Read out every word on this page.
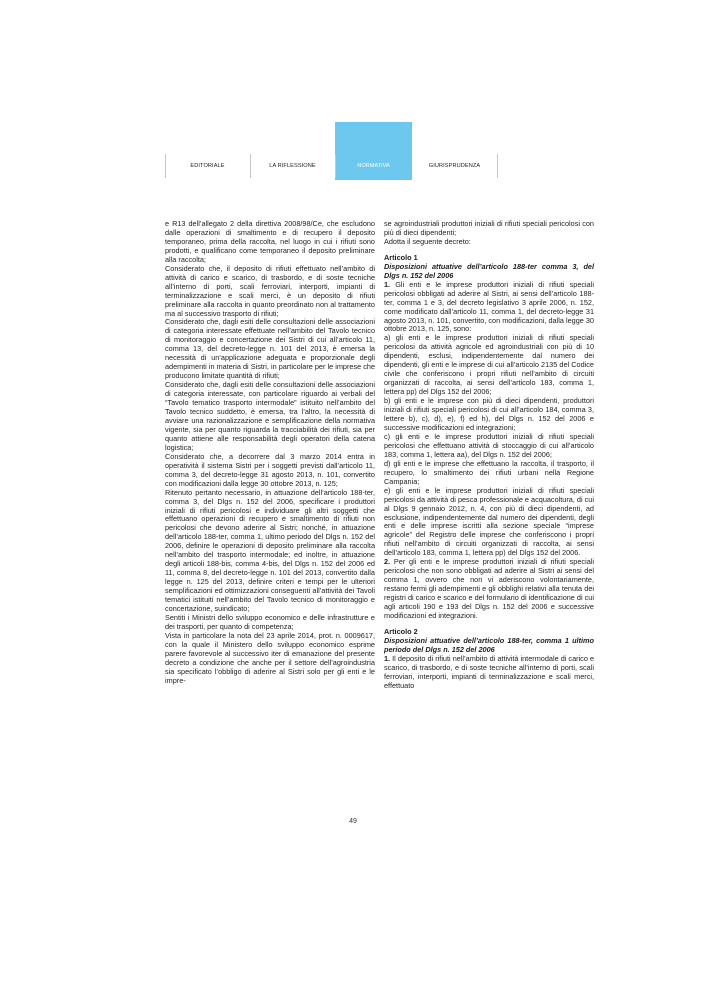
NORMATIVA
EDITORIALE	LA RIFLESSIONE	GIURISPRUDENZA

e R13 dell’allegato 2 della direttiva 2008/98/Ce, che escludono dalle operazioni di smaltimento e di recupero il deposito temporaneo, prima della raccolta, nel luogo in cui i rifiuti sono prodotti, e qualificano come temporaneo il deposito preliminare alla raccolta;

Considerato che, il deposito di rifiuti effettuato nell’ambito di attività di carico e scarico, di trasbordo, e di soste tecniche all’interno di porti, scali ferroviari, interporti, impianti di terminalizzazione e scali merci, è un deposito di rifiuti preliminare alla raccolta in quanto preordinato non al trattamento ma al successivo trasporto di rifiuti;

Considerato che, dagli esiti delle consultazioni delle associazioni di categoria interessate effettuate nell’ambito del Tavolo tecnico di monitoraggio e concertazione dei Sistri di cui all’articolo 11, comma 13, del decreto-legge n. 101 del 2013, è emersa la necessità di un’applicazione adeguata e proporzionale degli adempimenti in materia di Sistri, in particolare per le imprese che producono limitate quantità di rifiuti;

Considerato che, dagli esiti delle consultazioni delle associazioni di categoria interessate, con particolare riguardo ai verbali del “Tavolo tematico trasporto intermodale” istituito nell’ambito del Tavolo tecnico suddetto, è emersa, tra l’altro, la necessità di avviare una razionalizzazione e semplificazione della normativa vigente, sia per quanto riguarda la tracciabilità dei rifiuti, sia per quanto attiene alle responsabilità degli operatori della catena logistica;

Considerato che, a decorrere dal 3 marzo 2014 entra in operatività il sistema Sistri per i soggetti previsti dall’articolo 11, comma 3, del decreto-legge 31 agosto 2013, n. 101, convertito con modificazioni dalla legge 30 ottobre 2013, n. 125;

Ritenuto pertanto necessario, in attuazione dell’articolo 188-ter, comma 3, del Dlgs n. 152 del 2006, specificare i produttori iniziali di rifiuti pericolosi e individuare gli altri soggetti che effettuano operazioni di recupero e smaltimento di rifiuti non pericolosi che devono aderire al Sistri; nonché, in attuazione dell’articolo 188-ter, comma 1, ultimo periodo del Dlgs n. 152 del 2006, definire le operazioni di deposito preliminare alla raccolta nell’ambito del trasporto intermodale; ed inoltre, in attuazione degli articoli 188-bis, comma 4-bis, del Dlgs n. 152 del 2006 ed 11, comma 8, del decreto-legge n. 101 del 2013, convertito dalla legge n. 125 del 2013, definire criteri e tempi per le ulteriori semplificazioni ed ottimizzazioni conseguenti all’attività dei Tavoli tematici istituiti nell’ambito del Tavolo tecnico di monitoraggio e concertazione, suindicato;

Sentiti i Ministri dello sviluppo economico e delle infrastrutture e dei trasporti, per quanto di competenza;

Vista in particolare la nota del 23 aprile 2014, prot. n. 0009617, con la quale il Ministero dello sviluppo economico esprime parere favorevole al successivo iter di emanazione del presente decreto a condizione che anche per il settore dell’agroindustria sia specificato l’obbligo di aderire al Sistri solo per gli enti e le impre-

se agroindustriali produttori iniziali di rifiuti speciali pericolosi con più di dieci dipendenti;

Adotta il seguente decreto:

Articolo 1

Disposizioni attuative dell’articolo 188-ter comma 3, del Dlgs n. 152 del 2006

1. Gli enti e le imprese produttori iniziali di rifiuti speciali pericolosi obbligati ad aderire al Sistri, ai sensi dell’articolo 188-ter, comma 1 e 3, del decreto legislativo 3 aprile 2006, n. 152, come modificato dall’articolo 11, comma 1, del decreto-legge 31 agosto 2013, n. 101, convertito, con modificazioni, dalla legge 30 ottobre 2013, n. 125, sono:

a) gli enti e le imprese produttori iniziali di rifiuti speciali pericolosi da attività agricole ed agroindustriali con più di 10 dipendenti, esclusi, indipendentemente dal numero dei dipendenti, gli enti e le imprese di cui all’articolo 2135 del Codice civile che conferiscono i propri rifiuti nell’ambito di circuiti organizzati di raccolta, ai sensi dell’articolo 183, comma 1, lettera pp) del Dlgs 152 del 2006;

b) gli enti e le imprese con più di dieci dipendenti, produttori iniziali di rifiuti speciali pericolosi di cui all’articolo 184, comma 3, lettere b), c), d), e), f) ed h), del Dlgs n. 152 del 2006 e successive modificazioni ed integrazioni;

c) gli enti e le imprese produttori iniziali di rifiuti speciali pericolosi che effettuano attività di stoccaggio di cui all’articolo 183, comma 1, lettera aa), del Dlgs n. 152 del 2006;

d) gli enti e le imprese che effettuano la raccolta, il trasporto, il recupero, lo smaltimento dei rifiuti urbani nella Regione Campania;

e) gli enti e le imprese produttori iniziali di rifiuti speciali pericolosi da attività di pesca professionale e acquacoltura, di cui al Dlgs 9 gennaio 2012, n. 4, con più di dieci dipendenti, ad esclusione, indipendentemente dal numero dei dipendenti, degli enti e delle imprese iscritti alla sezione speciale “imprese agricole” del Registro delle imprese che conferiscono i propri rifiuti nell’ambito di circuiti organizzati di raccolta, ai sensi dell’articolo 183, comma 1, lettera pp) del Dlgs 152 del 2006.

2. Per gli enti e le imprese produttori iniziali di rifiuti speciali pericolosi che non sono obbligati ad aderire al Sistri ai sensi del comma 1, ovvero che non vi aderiscono volontariamente, restano fermi gli adempimenti e gli obblighi relativi alla tenuta dei registri di carico e scarico e del formulario di identificazione di cui agli articoli 190 e 193 del Dlgs n. 152 del 2006 e successive modificazioni ed integrazioni.

Articolo 2

Disposizioni attuative dell’articolo 188-ter, comma 1 ultimo periodo del Dlgs n. 152 del 2006

1. Il deposito di rifiuti nell’ambito di attività intermodale di carico e scarico, di trasbordo, e di soste tecniche all’interno di porti, scali ferroviari, interporti, impianti di terminalizzazione e scali merci, effettuato

49
